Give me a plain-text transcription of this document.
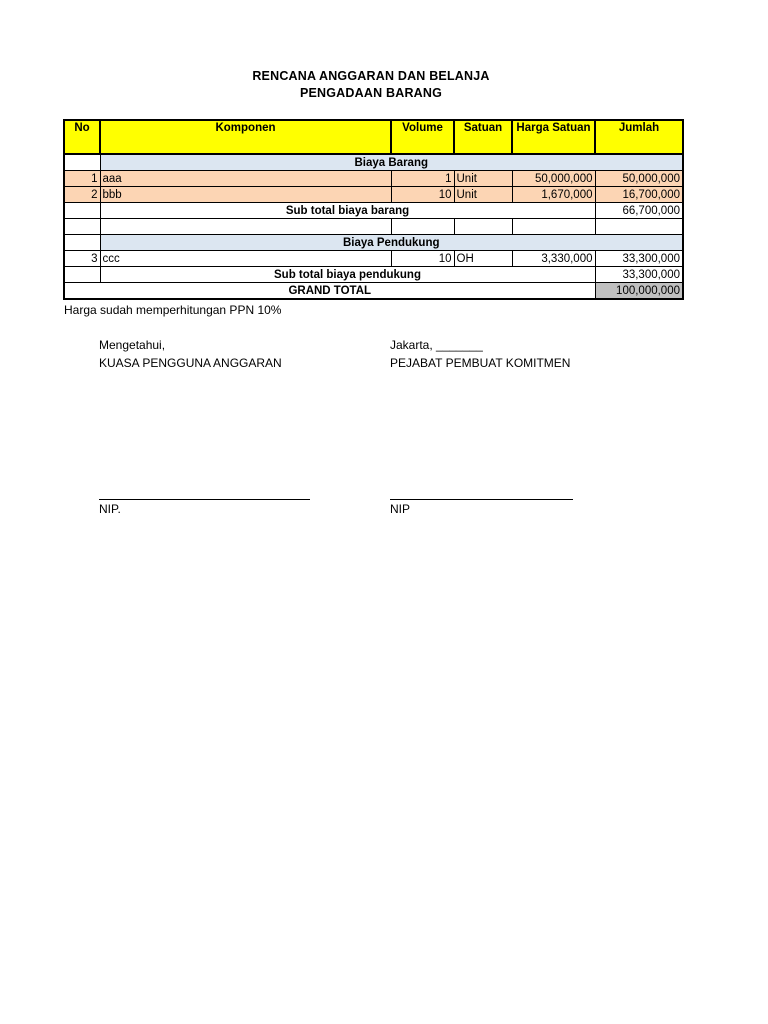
RENCANA ANGGARAN DAN BELANJA
PENGADAAN BARANG
No	Komponen	Volume	Satuan	Harga Satuan	Jumlah
	Biaya Barang				
1	aaa	1	Unit	50,000,000	50,000,000
2	bbb	10	Unit	1,670,000	16,700,000
	Sub total biaya barang				66,700,000

	Biaya Pendukung				
3	ccc	10	OH	3,330,000	33,300,000
	Sub total biaya pendukung				33,300,000
GRAND TOTAL					100,000,000
Harga sudah memperhitungan PPN 10%
Mengetahui,
KUASA PENGGUNA ANGGARAN
Jakarta, _______
PEJABAT PEMBUAT KOMITMEN
NIP.	NIP
